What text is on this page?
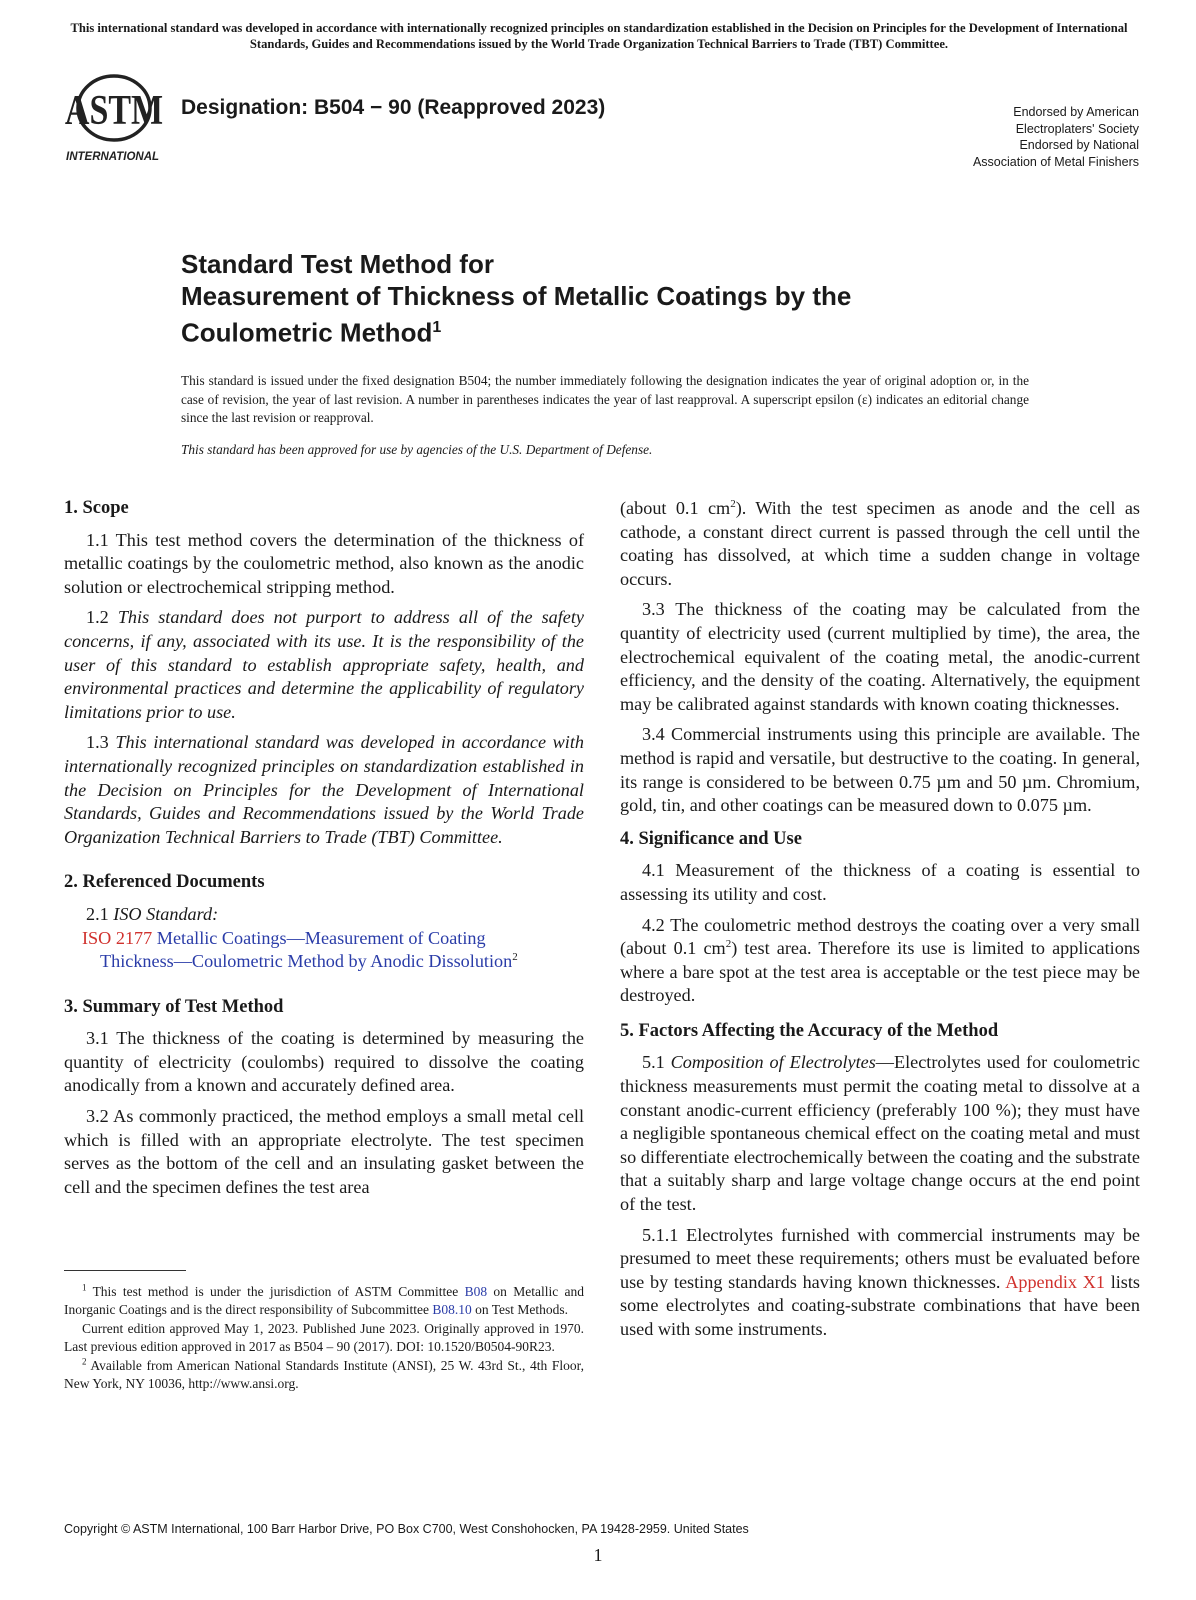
This international standard was developed in accordance with internationally recognized principles on standardization established in the Decision on Principles for the Development of International Standards, Guides and Recommendations issued by the World Trade Organization Technical Barriers to Trade (TBT) Committee.
ASTM
INTERNATIONAL
Designation: B504 − 90 (Reapproved 2023)	Endorsed by American
Electroplaters' Society
Endorsed by National
Association of Metal Finishers
Standard Test Method for
Measurement of Thickness of Metallic Coatings by the
Coulometric Method$^1$
This standard is issued under the fixed designation B504; the number immediately following the designation indicates the year of original adoption or, in the case of revision, the year of last revision. A number in parentheses indicates the year of last reapproval. A superscript epsilon (ε) indicates an editorial change since the last revision or reapproval.
This standard has been approved for use by agencies of the U.S. Department of Defense.
1. Scope

1.1 This test method covers the determination of the thickness of metallic coatings by the coulometric method, also known as the anodic solution or electrochemical stripping method.

1.2 This standard does not purport to address all of the safety concerns, if any, associated with its use. It is the responsibility of the user of this standard to establish appropriate safety, health, and environmental practices and determine the applicability of regulatory limitations prior to use.

1.3 This international standard was developed in accordance with internationally recognized principles on standardization established in the Decision on Principles for the Development of International Standards, Guides and Recommendations issued by the World Trade Organization Technical Barriers to Trade (TBT) Committee.

2. Referenced Documents

2.1 ISO Standard:

ISO 2177 Metallic Coatings—Measurement of Coating
Thickness—Coulometric Method by Anodic Dissolution$^2$
3. Summary of Test Method

3.1 The thickness of the coating is determined by measuring the quantity of electricity (coulombs) required to dissolve the coating anodically from a known and accurately defined area.

3.2 As commonly practiced, the method employs a small metal cell which is filled with an appropriate electrolyte. The test specimen serves as the bottom of the cell and an insulating gasket between the cell and the specimen defines the test area

$^1$ This test method is under the jurisdiction of ASTM Committee B08 on Metallic and Inorganic Coatings and is the direct responsibility of Subcommittee B08.10 on Test Methods.

Current edition approved May 1, 2023. Published June 2023. Originally approved in 1970. Last previous edition approved in 2017 as B504 – 90 (2017). DOI: 10.1520/B0504-90R23.

$^2$ Available from American National Standards Institute (ANSI), 25 W. 43rd St., 4th Floor, New York, NY 10036, http://www.ansi.org.

(about 0.1 $cm^2$). With the test specimen as anode and the cell as cathode, a constant direct current is passed through the cell until the coating has dissolved, at which time a sudden change in voltage occurs.

3.3 The thickness of the coating may be calculated from the quantity of electricity used (current multiplied by time), the area, the electrochemical equivalent of the coating metal, the anodic-current efficiency, and the density of the coating. Alternatively, the equipment may be calibrated against standards with known coating thicknesses.

3.4 Commercial instruments using this principle are available. The method is rapid and versatile, but destructive to the coating. In general, its range is considered to be between 0.75 µm and 50 µm. Chromium, gold, tin, and other coatings can be measured down to 0.075 µm.

4. Significance and Use

4.1 Measurement of the thickness of a coating is essential to assessing its utility and cost.

4.2 The coulometric method destroys the coating over a very small (about 0.1 $cm^2$) test area. Therefore its use is limited to applications where a bare spot at the test area is acceptable or the test piece may be destroyed.

5. Factors Affecting the Accuracy of the Method

5.1 Composition of Electrolytes—Electrolytes used for coulometric thickness measurements must permit the coating metal to dissolve at a constant anodic-current efficiency (preferably 100 %); they must have a negligible spontaneous chemical effect on the coating metal and must so differentiate electrochemically between the coating and the substrate that a suitably sharp and large voltage change occurs at the end point of the test.

5.1.1 Electrolytes furnished with commercial instruments may be presumed to meet these requirements; others must be evaluated before use by testing standards having known thicknesses. Appendix X1 lists some electrolytes and coating-substrate combinations that have been used with some instruments.

Copyright © ASTM International, 100 Barr Harbor Drive, PO Box C700, West Conshohocken, PA 19428-2959. United States
1
